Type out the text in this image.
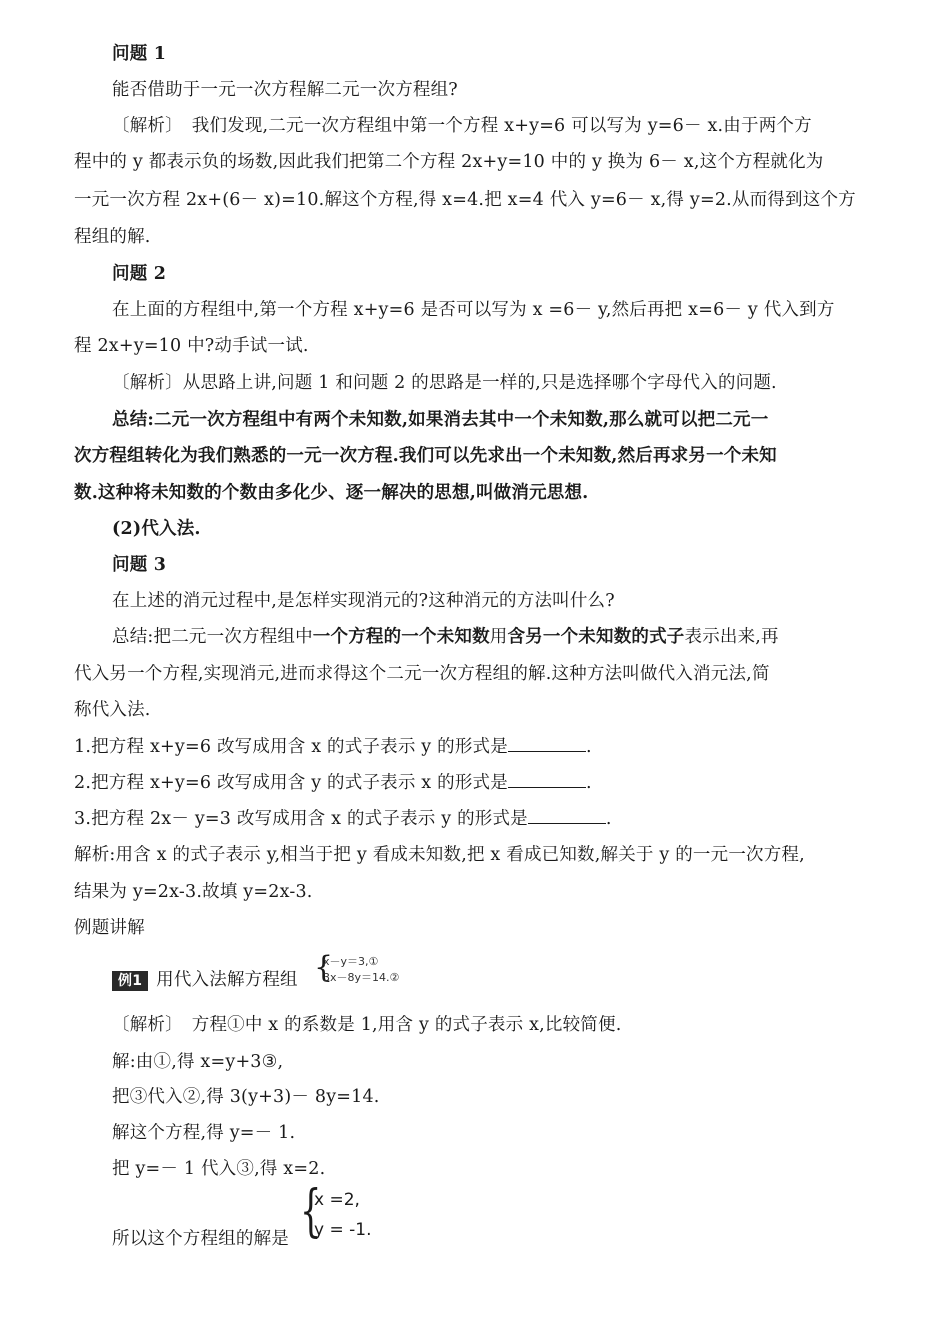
问题 1
能否借助于一元一次方程解二元一次方程组?
〔解析〕　我们发现,二元一次方程组中第一个方程 x+y=6 可以写为 y=6－ x.由于两个方
程中的 y 都表示负的场数,因此我们把第二个方程 2x+y=10 中的 y 换为 6－ x,这个方程就化为
一元一次方程 2x+(6－ x)=10.解这个方程,得 x=4.把 x=4 代入 y=6－ x,得 y=2.从而得到这个方
程组的解.
问题 2
在上面的方程组中,第一个方程 x+y=6 是否可以写为 x =6－ y,然后再把 x=6－ y 代入到方
程 2x+y=10 中?动手试一试.
〔解析〕从思路上讲,问题 1 和问题 2 的思路是一样的,只是选择哪个字母代入的问题.
总结:二元一次方程组中有两个未知数,如果消去其中一个未知数,那么就可以把二元一
次方程组转化为我们熟悉的一元一次方程.我们可以先求出一个未知数,然后再求另一个未知
数.这种将未知数的个数由多化少、逐一解决的思想,叫做消元思想.
(2)代入法.
问题 3
在上述的消元过程中,是怎样实现消元的?这种消元的方法叫什么?
总结:把二元一次方程组中一个方程的一个未知数用含另一个未知数的式子表示出来,再
代入另一个方程,实现消元,进而求得这个二元一次方程组的解.这种方法叫做代入消元法,简
称代入法.
1.把方程 x+y=6 改写成用含 x 的式子表示 y 的形式是	.
2.把方程 x+y=6 改写成用含 y 的式子表示 x 的形式是	.
3.把方程 2x－ y=3 改写成用含 x 的式子表示 y 的形式是	.
解析:用含 x 的式子表示 y,相当于把 y 看成未知数,把 x 看成已知数,解关于 y 的一元一次方程,
结果为 y=2x-3.故填 y=2x-3.
例题讲解
例1 用代入法解方程组 {
x－y＝3,①
3x－8y＝14.②
〔解析〕　方程①中 x 的系数是 1,用含 y 的式子表示 x,比较简便.
解:由①,得 x=y+3③,
把③代入②,得 3(y+3)－ 8y=14.
解这个方程,得 y=－ 1.
把 y=－ 1 代入③,得 x=2.
所以这个方程组的解是 {
x =2,
y = -1.
